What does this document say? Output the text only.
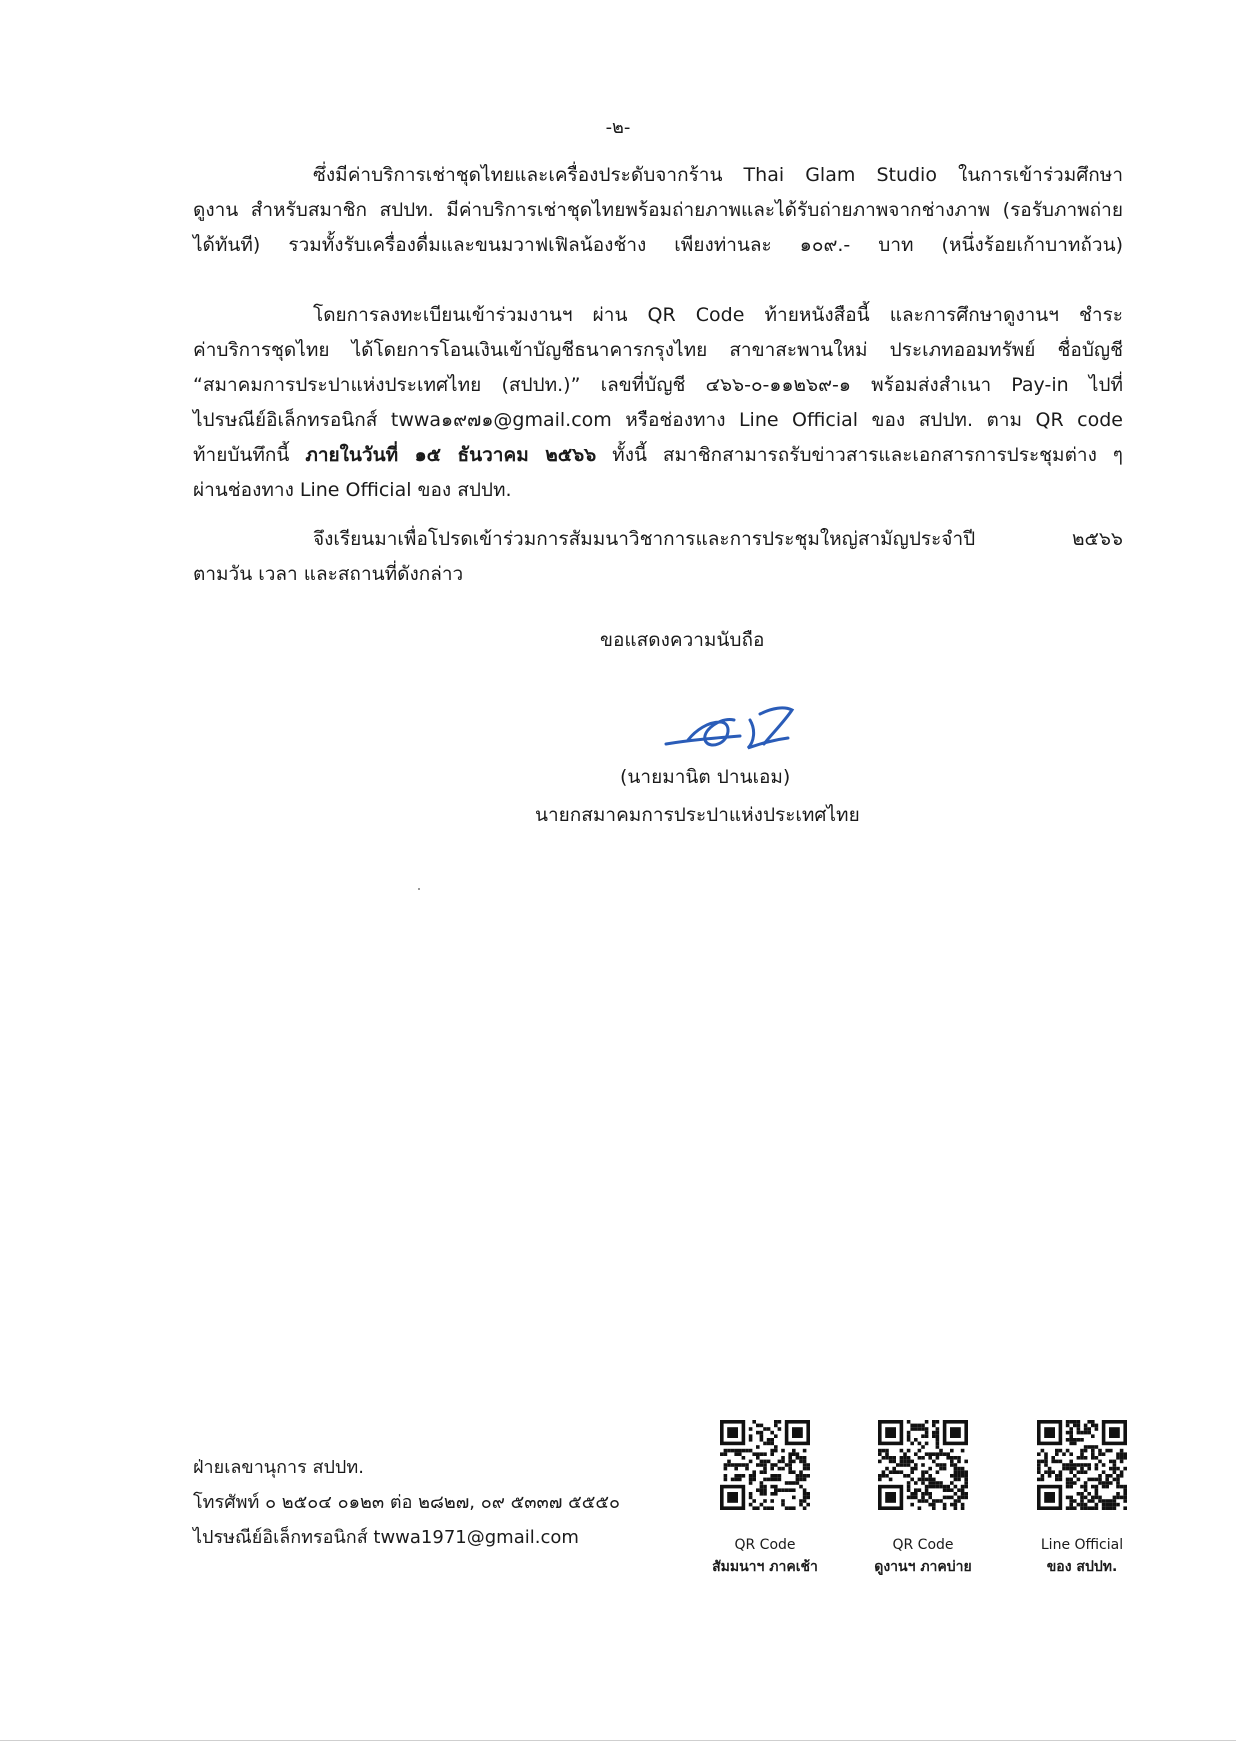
-๒-
ซึ่งมีค่าบริการเช่าชุดไทยและเครื่องประดับจากร้าน Thai Glam Studio ในการเข้าร่วมศึกษา
ดูงาน สำหรับสมาชิก สปปท. มีค่าบริการเช่าชุดไทยพร้อมถ่ายภาพและได้รับถ่ายภาพจากช่างภาพ (รอรับภาพถ่าย
ได้ทันที) รวมทั้งรับเครื่องดื่มและขนมวาฟเฟิลน้องช้าง เพียงท่านละ ๑๐๙.- บาท (หนึ่งร้อยเก้าบาทถ้วน)
โดยการลงทะเบียนเข้าร่วมงานฯ ผ่าน QR Code ท้ายหนังสือนี้ และการศึกษาดูงานฯ ชำระ
ค่าบริการชุดไทย ได้โดยการโอนเงินเข้าบัญชีธนาคารกรุงไทย สาขาสะพานใหม่ ประเภทออมทรัพย์ ชื่อบัญชี
“สมาคมการประปาแห่งประเทศไทย (สปปท.)” เลขที่บัญชี ๔๖๖-๐-๑๑๒๖๙-๑ พร้อมส่งสำเนา Pay-in ไปที่
ไปรษณีย์อิเล็กทรอนิกส์ twwa๑๙๗๑@gmail.com หรือช่องทาง Line Official ของ สปปท. ตาม QR code
ท้ายบันทึกนี้ ภายในวันที่ ๑๕ ธันวาคม ๒๕๖๖ ทั้งนี้ สมาชิกสามารถรับข่าวสารและเอกสารการประชุมต่าง ๆ
ผ่านช่องทาง Line Official ของ สปปท.
จึงเรียนมาเพื่อโปรดเข้าร่วมการสัมมนาวิชาการและการประชุมใหญ่สามัญประจำปี ๒๕๖๖
ตามวัน เวลา และสถานที่ดังกล่าว
ขอแสดงความนับถือ
(นายมานิต ปานเอม)
นายกสมาคมการประปาแห่งประเทศไทย
ฝ่ายเลขานุการ สปปท.
โทรศัพท์ ๐ ๒๕๐๔ ๐๑๒๓ ต่อ ๒๘๒๗, ๐๙ ๕๓๓๗ ๕๕๕๐
ไปรษณีย์อิเล็กทรอนิกส์ twwa1971@gmail.com	QR Code
สัมมนาฯ ภาคเช้า
QR Code
ดูงานฯ ภาคบ่าย
Line Official
ของ สปปท.
